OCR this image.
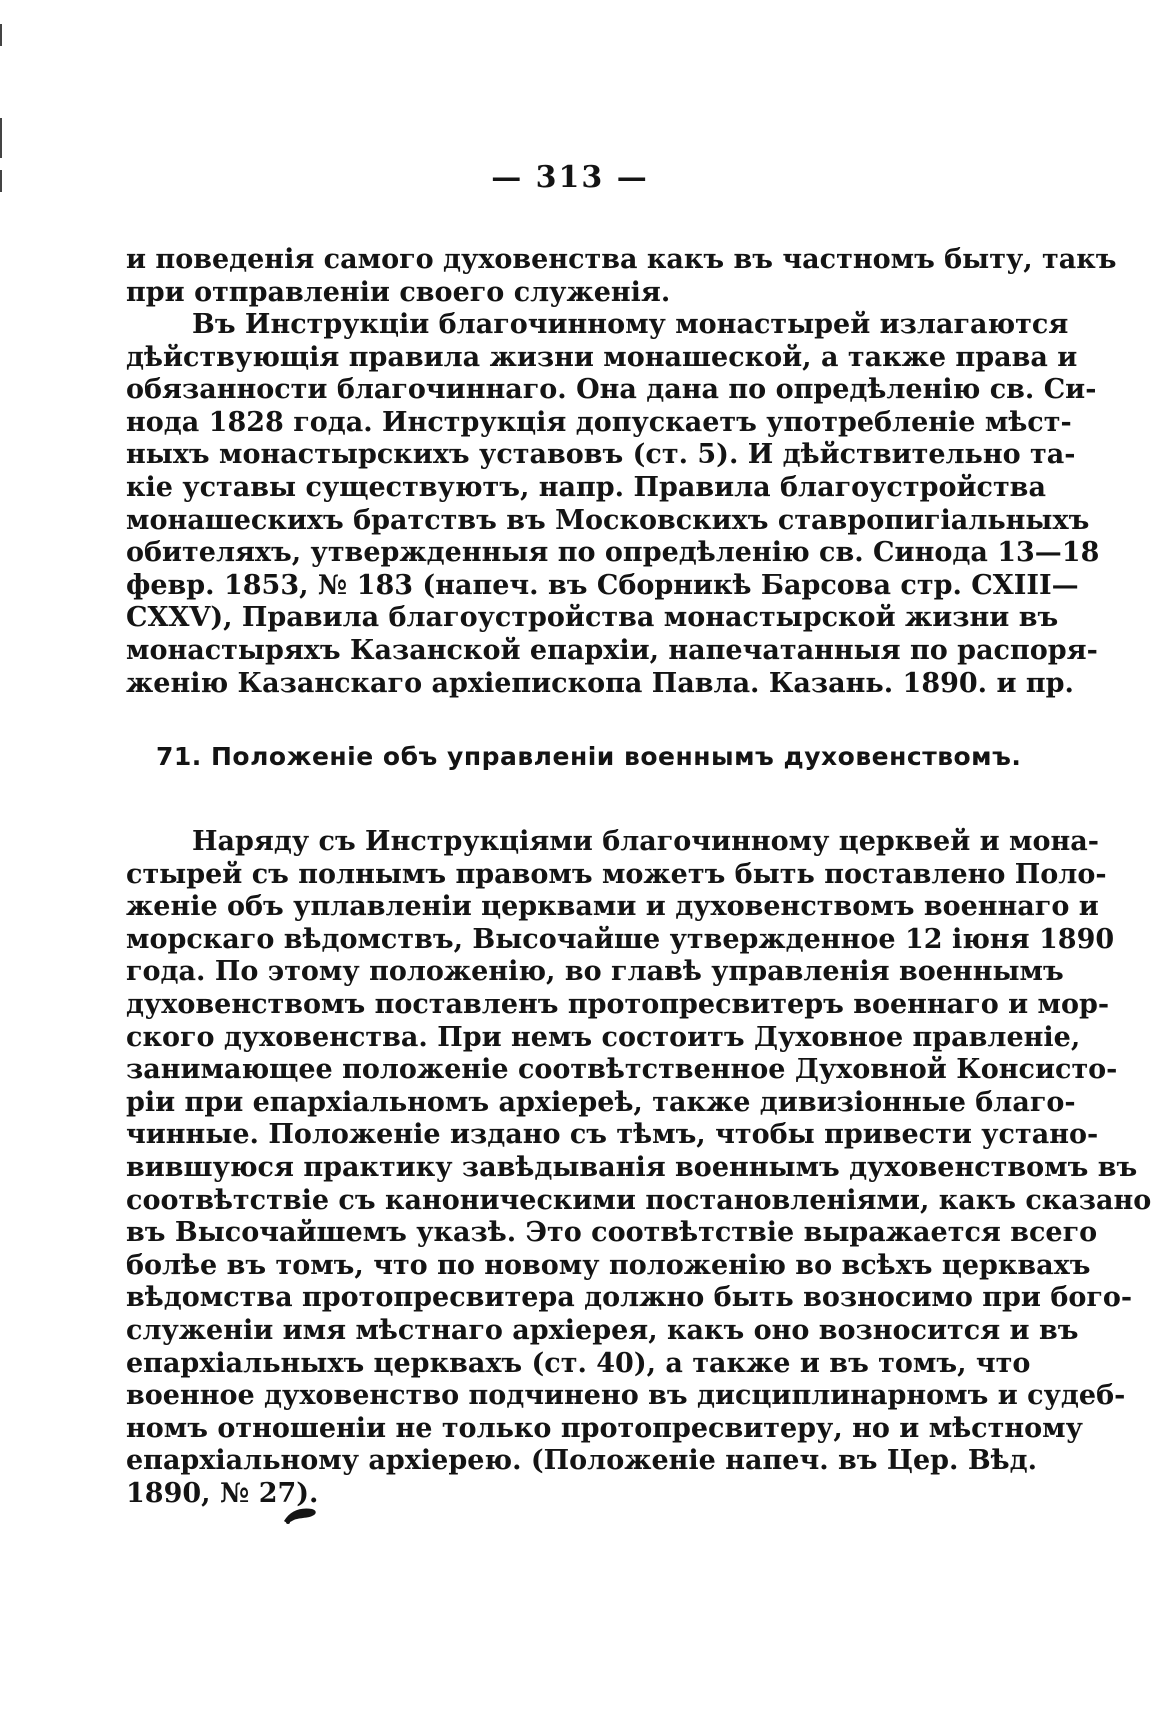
— 313 —
и поведенія самого духовенства какъ въ частномъ быту, такъ
при отправленіи своего служенія.
Въ Инструкціи благочинному монастырей излагаются
дѣйствующія правила жизни монашеской, а также права и
обязанности благочиннаго. Она дана по опредѣленію св. Си-
нода 1828 года. Инструкція допускаетъ употребленіе мѣст-
ныхъ монастырскихъ уставовъ (ст. 5). И дѣйствительно та-
кіе уставы существуютъ, напр. Правила благоустройства
монашескихъ братствъ въ Московскихъ ставропигіальныхъ
обителяхъ, утвержденныя по опредѣленію св. Синода 13—18
февр. 1853, № 183 (напеч. въ Сборникѣ Барсова стр. CXIII—
CXXV), Правила благоустройства монастырской жизни въ
монастыряхъ Казанской епархіи, напечатанныя по распоря-
женію Казанскаго архіепископа Павла. Казань. 1890. и пр.
71. Положеніе объ управленіи военнымъ духовенствомъ.
Наряду съ Инструкціями благочинному церквей и мона-
стырей съ полнымъ правомъ можетъ быть поставлено Поло-
женіе объ уплавленіи церквами и духовенствомъ военнаго и
морскаго вѣдомствъ, Высочайше утвержденное 12 іюня 1890
года. По этому положенію, во главѣ управленія военнымъ
духовенствомъ поставленъ протопресвитеръ военнаго и мор-
ского духовенства. При немъ состоитъ Духовное правленіе,
занимающее положеніе соотвѣтственное Духовной Консисто-
ріи при епархіальномъ архіереѣ, также дивизіонные благо-
чинные. Положеніе издано съ тѣмъ, чтобы привести устано-
вившуюся практику завѣдыванія военнымъ духовенствомъ въ
соотвѣтствіе съ каноническими постановленіями, какъ сказано
въ Высочайшемъ указѣ. Это соотвѣтствіе выражается всего
болѣе въ томъ, что по новому положенію во всѣхъ церквахъ
вѣдомства протопресвитера должно быть возносимо при бого-
служеніи имя мѣстнаго архіерея, какъ оно возносится и въ
епархіальныхъ церквахъ (ст. 40), а также и въ томъ, что
военное духовенство подчинено въ дисциплинарномъ и судеб-
номъ отношеніи не только протопресвитеру, но и мѣстному
епархіальному архіерею. (Положеніе напеч. въ Цер. Вѣд.
1890, № 27).
